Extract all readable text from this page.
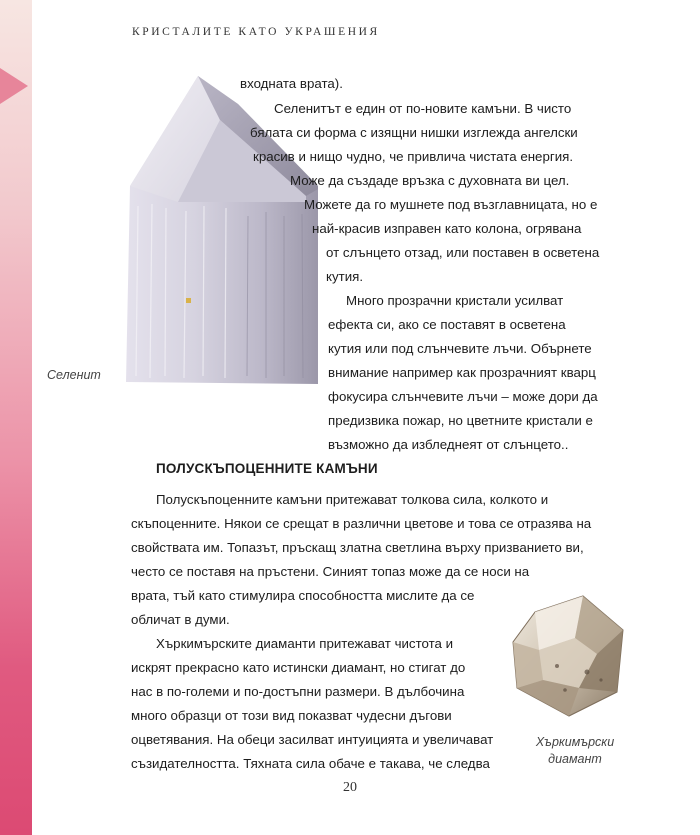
КРИСТАЛИТЕ КАТО УКРАШЕНИЯ
Селенит
входната врата).
Селенитът е един от по-новите камъни. В чисто
бялата си форма с изящни нишки изглежда ангелски
красив и нищо чудно, че привлича чистата енергия.
Може да създаде връзка с духовната ви цел.
Можете да го мушнете под възглавницата, но е
най-красив изправен като колона, огрявана
от слънцето отзад, или поставен в осветена
кутия.
Много прозрачни кристали усилват
ефекта си, ако се поставят в осветена
кутия или под слънчевите лъчи. Обърнете
внимание например как прозрачният кварц
фокусира слънчевите лъчи – може дори да
предизвика пожар, но цветните кристали е
възможно да избледнеят от слънцето..
ПОЛУСКЪПОЦЕННИТЕ КАМЪНИ
Полускъпоценните камъни притежават толкова сила, колкото и
скъпоценните. Някои се срещат в различни цветове и това се отразява на
свойствата им. Топазът, пръскащ златна светлина върху призванието ви,
често се поставя на пръстени. Синият топаз може да се носи на
врата, тъй като стимулира способността мислите да се
обличат в думи.
Хъркимърските диаманти притежават чистота и
искрят прекрасно като истински диамант, но стигат до
нас в по-големи и по-достъпни размери. В дълбочина
много образци от този вид показват чудесни дъгови
оцветявания. На обеци засилват интуицията и увеличават
съзидателността. Тяхната сила обаче е такава, че следва
Хъркимърски
диамант
20
